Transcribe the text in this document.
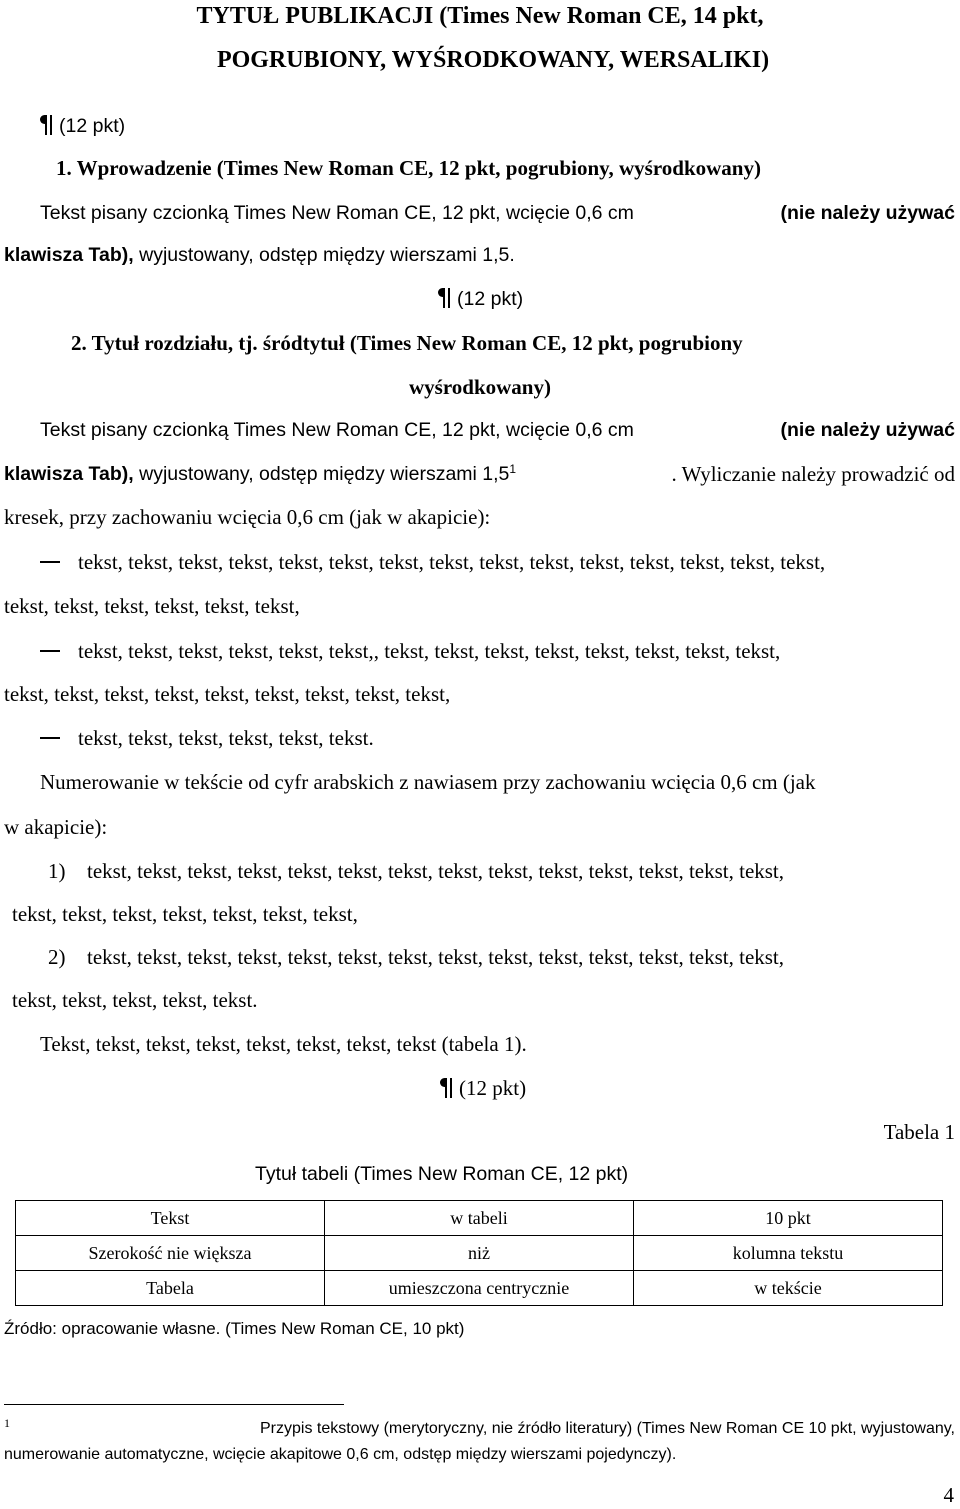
TYTUŁ PUBLIKACJI (Times New Roman CE, 14 pkt,
POGRUBIONY, WYŚRODKOWANY, WERSALIKI)
(12 pkt)
1. Wprowadzenie (Times New Roman CE, 12 pkt, pogrubiony, wyśrodkowany)
Tekst pisany czcionką Times New Roman CE, 12 pkt, wcięcie 0,6 cm	(nie należy używać
klawisza Tab), wyjustowany, odstęp między wierszami 1,5.
(12 pkt)
2. Tytuł rozdziału, tj. śródtytuł (Times New Roman CE, 12 pkt, pogrubiony
wyśrodkowany)
Tekst pisany czcionką Times New Roman CE, 12 pkt, wcięcie 0,6 cm	(nie należy używać
klawisza Tab), wyjustowany, odstęp między wierszami $1,5^1$	. Wyliczanie należy prowadzić od
kresek, przy zachowaniu wcięcia 0,6 cm (jak w akapicie):
tekst, tekst, tekst, tekst, tekst, tekst, tekst, tekst, tekst, tekst, tekst, tekst, tekst, tekst, tekst,
tekst, tekst, tekst, tekst, tekst, tekst,
tekst, tekst, tekst, tekst, tekst, tekst,, tekst, tekst, tekst, tekst, tekst, tekst, tekst, tekst,
tekst, tekst, tekst, tekst, tekst, tekst, tekst, tekst, tekst,
tekst, tekst, tekst, tekst, tekst, tekst.
Numerowanie w tekście od cyfr arabskich z nawiasem przy zachowaniu wcięcia 0,6 cm (jak
w akapicie):
1) tekst, tekst, tekst, tekst, tekst, tekst, tekst, tekst, tekst, tekst, tekst, tekst, tekst, tekst,
tekst, tekst, tekst, tekst, tekst, tekst, tekst,
2) tekst, tekst, tekst, tekst, tekst, tekst, tekst, tekst, tekst, tekst, tekst, tekst, tekst, tekst,
tekst, tekst, tekst, tekst, tekst.
Tekst, tekst, tekst, tekst, tekst, tekst, tekst, tekst (tabela 1).
(12 pkt)
Tabela 1
Tytuł tabeli (Times New Roman CE, 12 pkt)
Tekst	w tabeli	10 pkt
Szerokość nie większa	niż	kolumna tekstu
Tabela	umieszczona centrycznie	w tekście
Źródło: opracowanie własne. (Times New Roman CE, 10 pkt)
$^1$	Przypis tekstowy (merytoryczny, nie źródło literatury) (Times New Roman CE 10 pkt, wyjustowany,
numerowanie automatyczne, wcięcie akapitowe 0,6 cm, odstęp między wierszami pojedynczy).
4
